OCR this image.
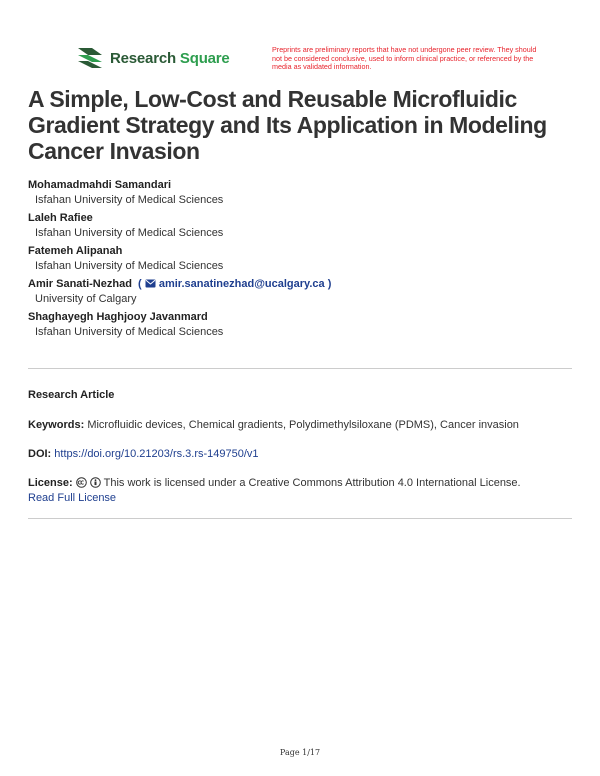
Research Square	Preprints are preliminary reports that have not undergone peer review. They should not be considered conclusive, used to inform clinical practice, or referenced by the media as validated information.
A Simple, Low-Cost and Reusable Microfluidic Gradient Strategy and Its Application in Modeling Cancer Invasion
Mohamadmahdi Samandari
Isfahan University of Medical Sciences
Laleh Rafiee
Isfahan University of Medical Sciences
Fatemeh Alipanah
Isfahan University of Medical Sciences
Amir Sanati-Nezhad  (  amir.sanatinezhad@ucalgary.ca )
University of Calgary
Shaghayegh Haghjooy Javanmard
Isfahan University of Medical Sciences
Research Article
Keywords: Microfluidic devices, Chemical gradients, Polydimethylsiloxane (PDMS), Cancer invasion
DOI: https://doi.org/10.21203/rs.3.rs-149750/v1
License:	This work is licensed under a Creative Commons Attribution 4.0 International License.
Read Full License
Page 1/17
